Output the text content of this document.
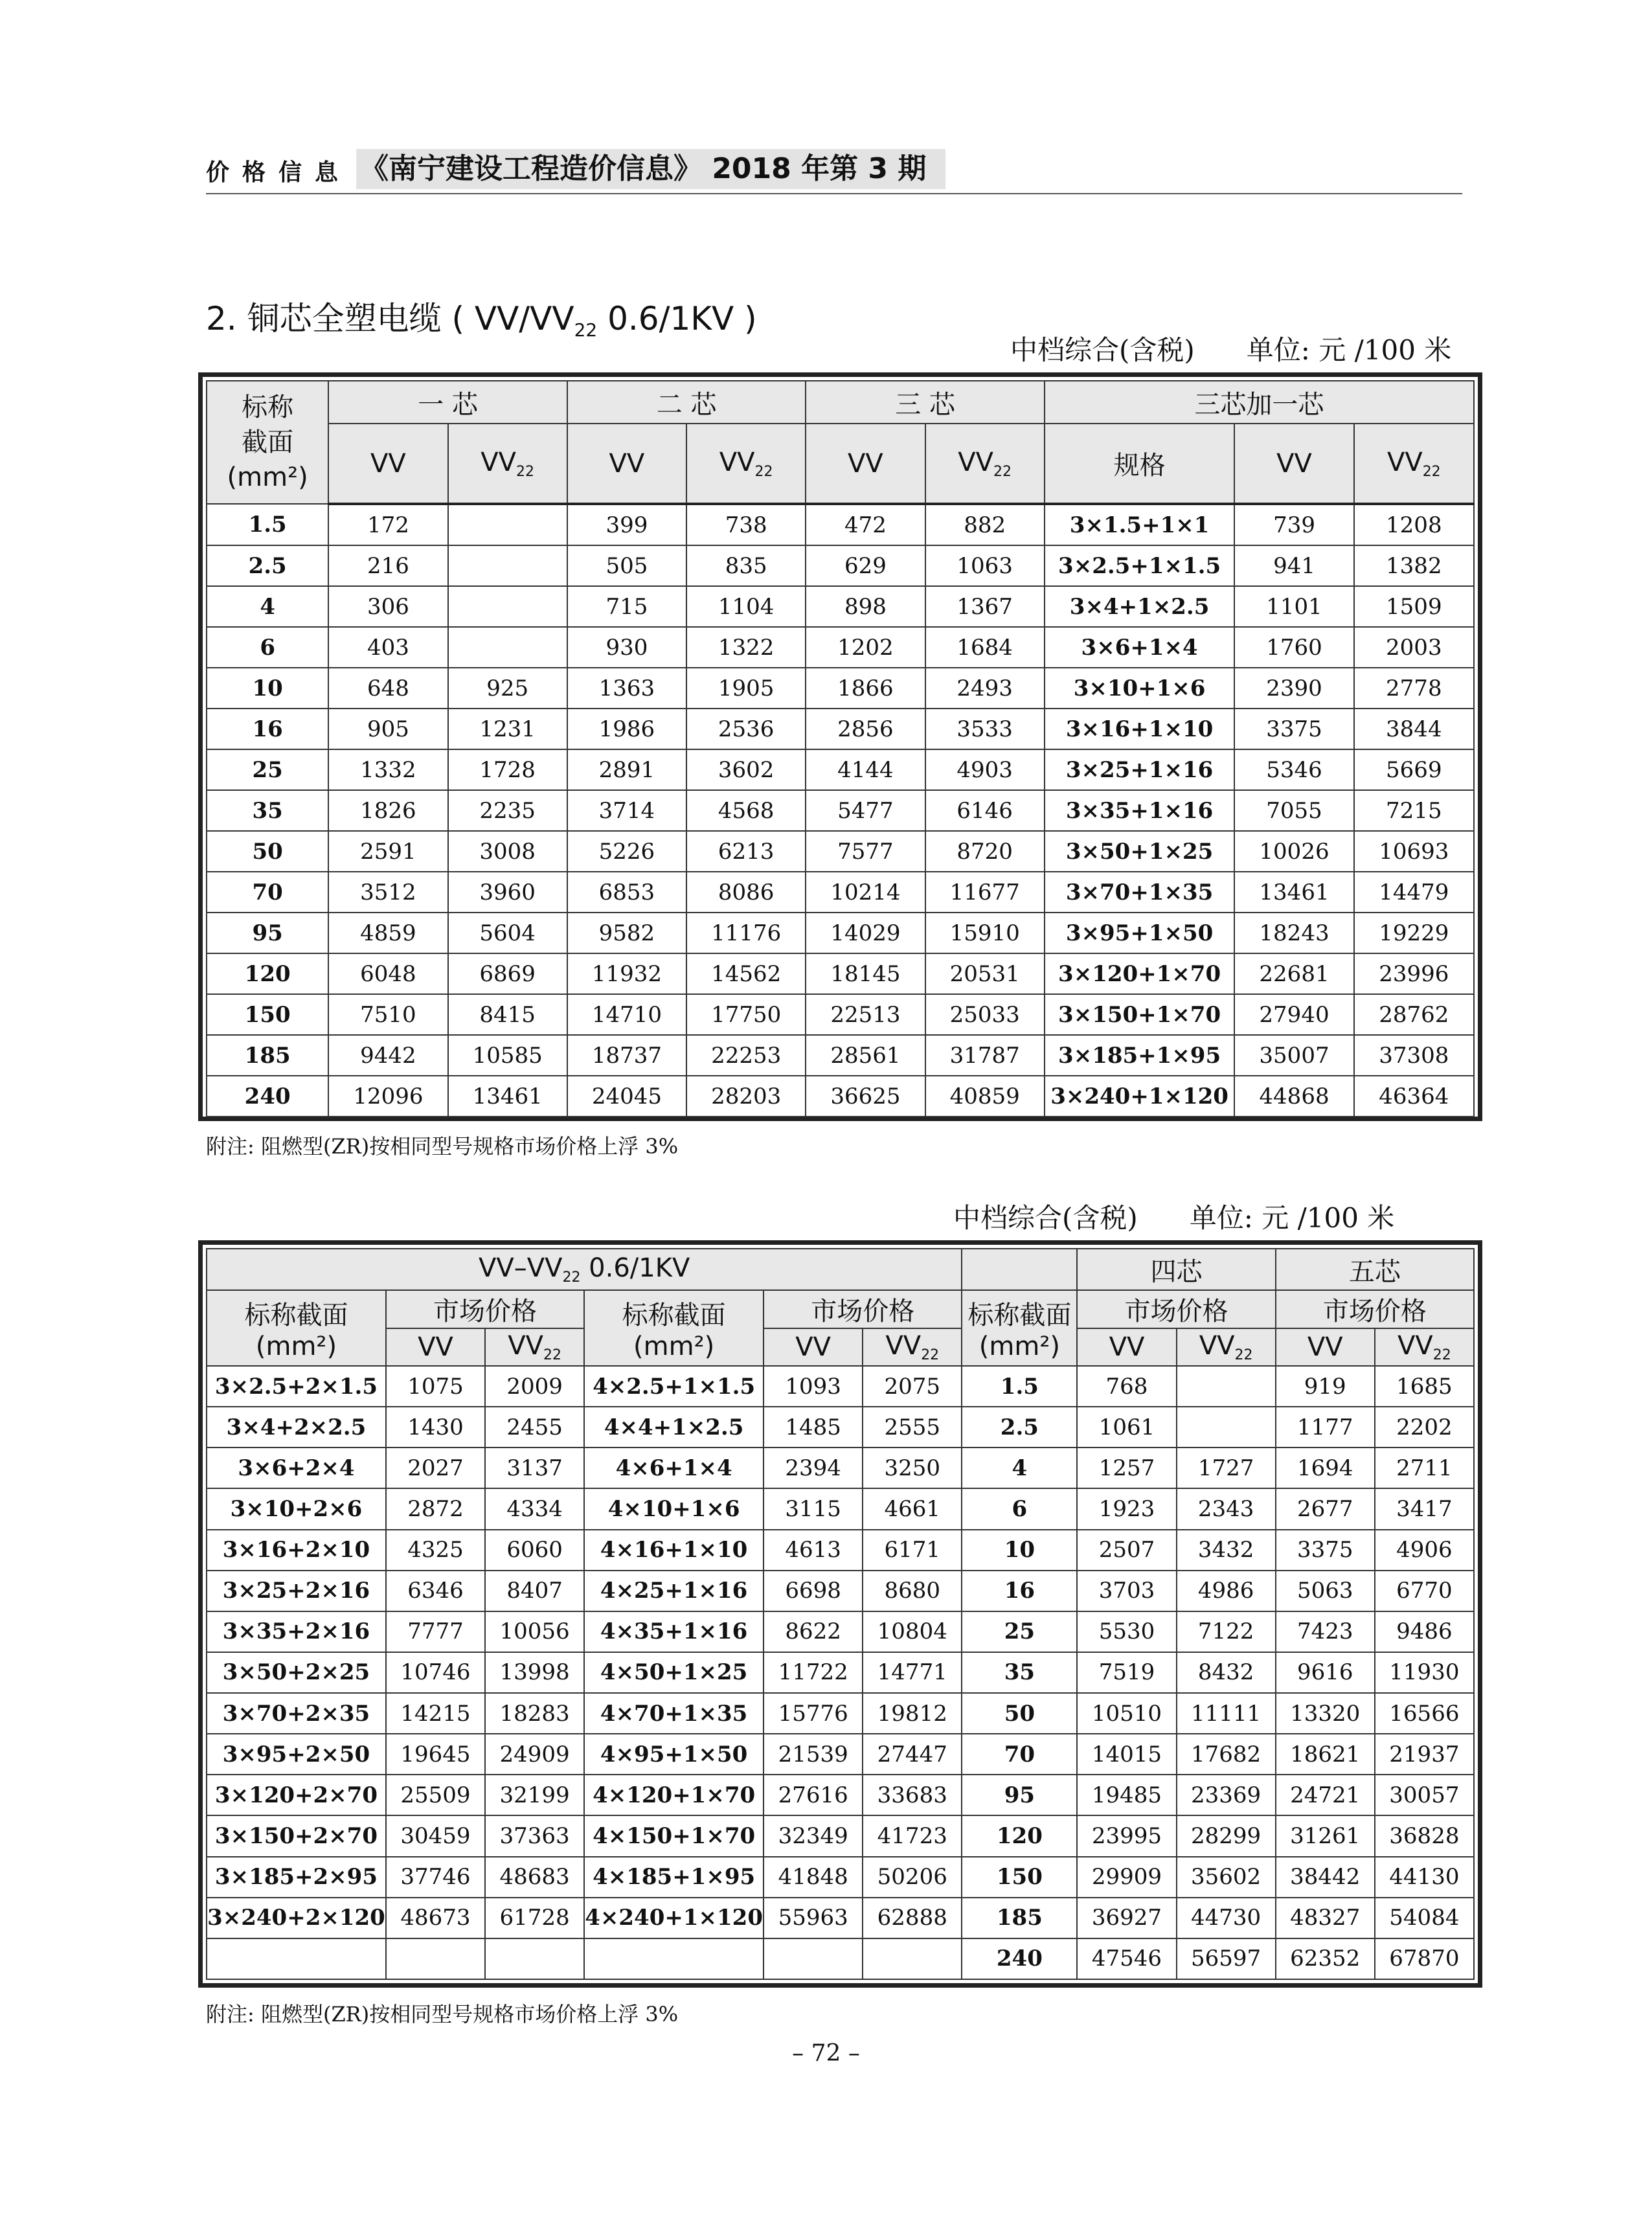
价格信息 《南宁建设工程造价信息》 2018 年第 3 期
2. 铜芯全塑电缆 ( $VV/VV_{22}$ 0.6/1KV )
中档综合(含税) 单位: 元 /100 米
标称
截面
(mm²)	一 芯		二 芯		三 芯		三芯加一芯		
	VV	$VV_{22}$	VV	$VV_{22}$	VV	$VV_{22}$	规格	VV	$VV_{22}$
1.5	172		399	738	472	882	3×1.5+1×1	739	1208
2.5	216		505	835	629	1063	3×2.5+1×1.5	941	1382
4	306		715	1104	898	1367	3×4+1×2.5	1101	1509
6	403		930	1322	1202	1684	3×6+1×4	1760	2003
10	648	925	1363	1905	1866	2493	3×10+1×6	2390	2778
16	905	1231	1986	2536	2856	3533	3×16+1×10	3375	3844
25	1332	1728	2891	3602	4144	4903	3×25+1×16	5346	5669
35	1826	2235	3714	4568	5477	6146	3×35+1×16	7055	7215
50	2591	3008	5226	6213	7577	8720	3×50+1×25	10026	10693
70	3512	3960	6853	8086	10214	11677	3×70+1×35	13461	14479
95	4859	5604	9582	11176	14029	15910	3×95+1×50	18243	19229
120	6048	6869	11932	14562	18145	20531	3×120+1×70	22681	23996
150	7510	8415	14710	17750	22513	25033	3×150+1×70	27940	28762
185	9442	10585	18737	22253	28561	31787	3×185+1×95	35007	37308
240	12096	13461	24045	28203	36625	40859	3×240+1×120	44868	46364
附注: 阻燃型(ZR)按相同型号规格市场价格上浮 3%
中档综合(含税) 单位: 元 /100 米
$VV-VV_{22}$ 0.6/1KV							四芯		五芯	
标称截面
(mm²)	市场价格		标称截面
(mm²)	市场价格		标称截面
(mm²)	市场价格		市场价格	
	VV	$VV_{22}$		VV	$VV_{22}$		VV	$VV_{22}$	VV	$VV_{22}$
3×2.5+2×1.5	1075	2009	4×2.5+1×1.5	1093	2075	1.5	768		919	1685
3×4+2×2.5	1430	2455	4×4+1×2.5	1485	2555	2.5	1061		1177	2202
3×6+2×4	2027	3137	4×6+1×4	2394	3250	4	1257	1727	1694	2711
3×10+2×6	2872	4334	4×10+1×6	3115	4661	6	1923	2343	2677	3417
3×16+2×10	4325	6060	4×16+1×10	4613	6171	10	2507	3432	3375	4906
3×25+2×16	6346	8407	4×25+1×16	6698	8680	16	3703	4986	5063	6770
3×35+2×16	7777	10056	4×35+1×16	8622	10804	25	5530	7122	7423	9486
3×50+2×25	10746	13998	4×50+1×25	11722	14771	35	7519	8432	9616	11930
3×70+2×35	14215	18283	4×70+1×35	15776	19812	50	10510	11111	13320	16566
3×95+2×50	19645	24909	4×95+1×50	21539	27447	70	14015	17682	18621	21937
3×120+2×70	25509	32199	4×120+1×70	27616	33683	95	19485	23369	24721	30057
3×150+2×70	30459	37363	4×150+1×70	32349	41723	120	23995	28299	31261	36828
3×185+2×95	37746	48683	4×185+1×95	41848	50206	150	29909	35602	38442	44130
3×240+2×120	48673	61728	4×240+1×120	55963	62888	185	36927	44730	48327	54084
						240	47546	56597	62352	67870
附注: 阻燃型(ZR)按相同型号规格市场价格上浮 3%
– 72 –
